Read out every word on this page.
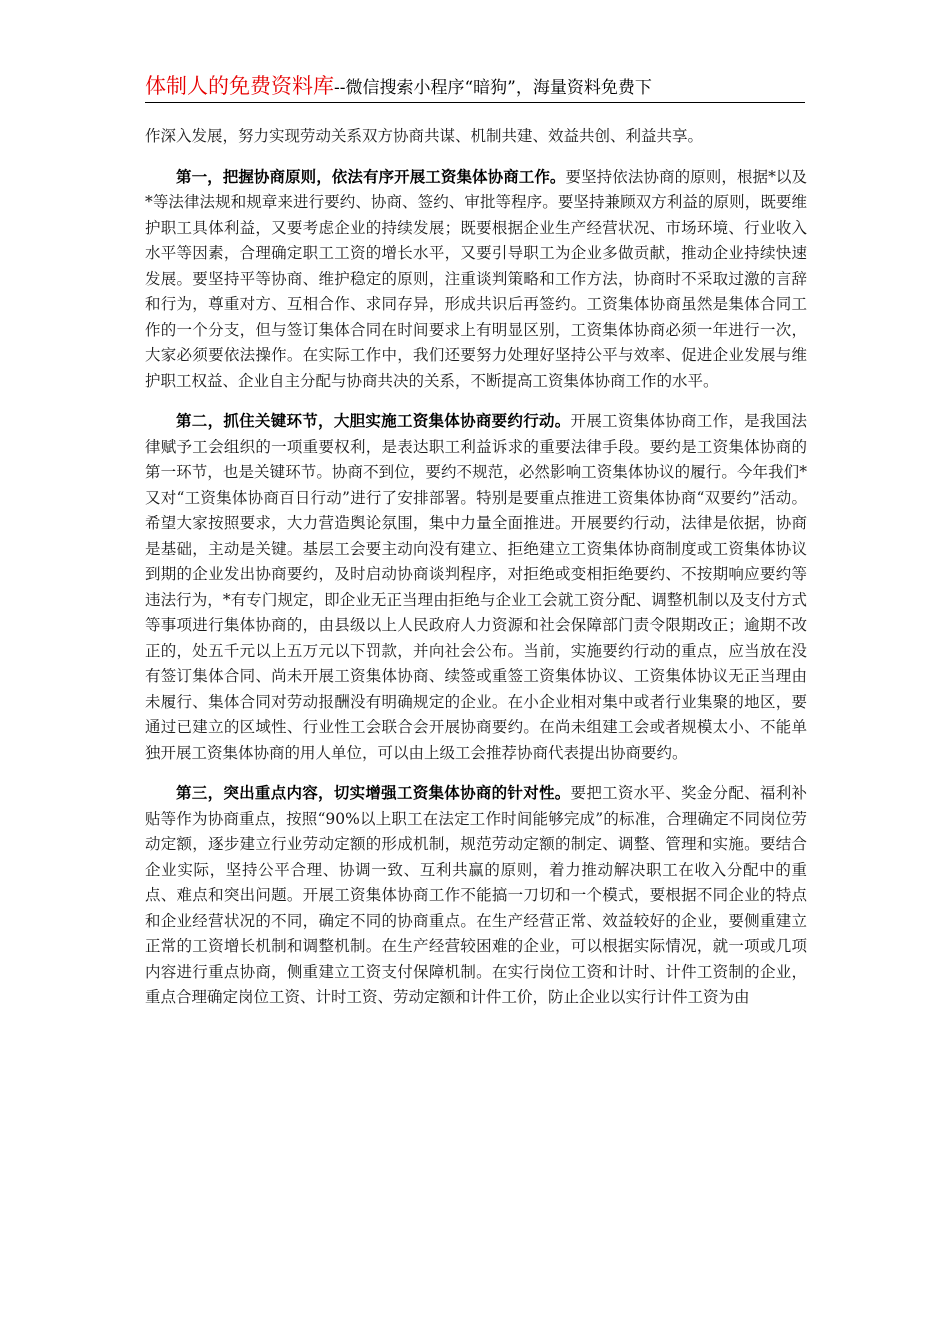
体制人的免费资料库--微信搜索小程序“暗狗”，海量资料免费下

作深入发展，努力实现劳动关系双方协商共谋、机制共建、效益共创、利益共享。

第一，把握协商原则，依法有序开展工资集体协商工作。要坚持依法协商的原则，根据*以及*等法律法规和规章来进行要约、协商、签约、审批等程序。要坚持兼顾双方利益的原则，既要维护职工具体利益，又要考虑企业的持续发展；既要根据企业生产经营状况、市场环境、行业收入水平等因素，合理确定职工工资的增长水平，又要引导职工为企业多做贡献，推动企业持续快速发展。要坚持平等协商、维护稳定的原则，注重谈判策略和工作方法，协商时不采取过激的言辞和行为，尊重对方、互相合作、求同存异，形成共识后再签约。工资集体协商虽然是集体合同工作的一个分支，但与签订集体合同在时间要求上有明显区别，工资集体协商必须一年进行一次，大家必须要依法操作。在实际工作中，我们还要努力处理好坚持公平与效率、促进企业发展与维护职工权益、企业自主分配与协商共决的关系，不断提高工资集体协商工作的水平。

第二，抓住关键环节，大胆实施工资集体协商要约行动。开展工资集体协商工作，是我国法律赋予工会组织的一项重要权利，是表达职工利益诉求的重要法律手段。要约是工资集体协商的第一环节，也是关键环节。协商不到位，要约不规范，必然影响工资集体协议的履行。今年我们*又对“工资集体协商百日行动”进行了安排部署。特别是要重点推进工资集体协商“双要约”活动。希望大家按照要求，大力营造舆论氛围，集中力量全面推进。开展要约行动，法律是依据，协商是基础，主动是关键。基层工会要主动向没有建立、拒绝建立工资集体协商制度或工资集体协议到期的企业发出协商要约，及时启动协商谈判程序，对拒绝或变相拒绝要约、不按期响应要约等违法行为，*有专门规定，即企业无正当理由拒绝与企业工会就工资分配、调整机制以及支付方式等事项进行集体协商的，由县级以上人民政府人力资源和社会保障部门责令限期改正；逾期不改正的，处五千元以上五万元以下罚款，并向社会公布。当前，实施要约行动的重点，应当放在没有签订集体合同、尚未开展工资集体协商、续签或重签工资集体协议、工资集体协议无正当理由未履行、集体合同对劳动报酬没有明确规定的企业。在小企业相对集中或者行业集聚的地区，要通过已建立的区域性、行业性工会联合会开展协商要约。在尚未组建工会或者规模太小、不能单独开展工资集体协商的用人单位，可以由上级工会推荐协商代表提出协商要约。

第三，突出重点内容，切实增强工资集体协商的针对性。要把工资水平、奖金分配、福利补贴等作为协商重点，按照“90%以上职工在法定工作时间能够完成”的标准，合理确定不同岗位劳动定额，逐步建立行业劳动定额的形成机制，规范劳动定额的制定、调整、管理和实施。要结合企业实际，坚持公平合理、协调一致、互利共赢的原则，着力推动解决职工在收入分配中的重点、难点和突出问题。开展工资集体协商工作不能搞一刀切和一个模式，要根据不同企业的特点和企业经营状况的不同，确定不同的协商重点。在生产经营正常、效益较好的企业，要侧重建立正常的工资增长机制和调整机制。在生产经营较困难的企业，可以根据实际情况，就一项或几项内容进行重点协商，侧重建立工资支付保障机制。在实行岗位工资和计时、计件工资制的企业，重点合理确定岗位工资、计时工资、劳动定额和计件工价，防止企业以实行计件工资为由
